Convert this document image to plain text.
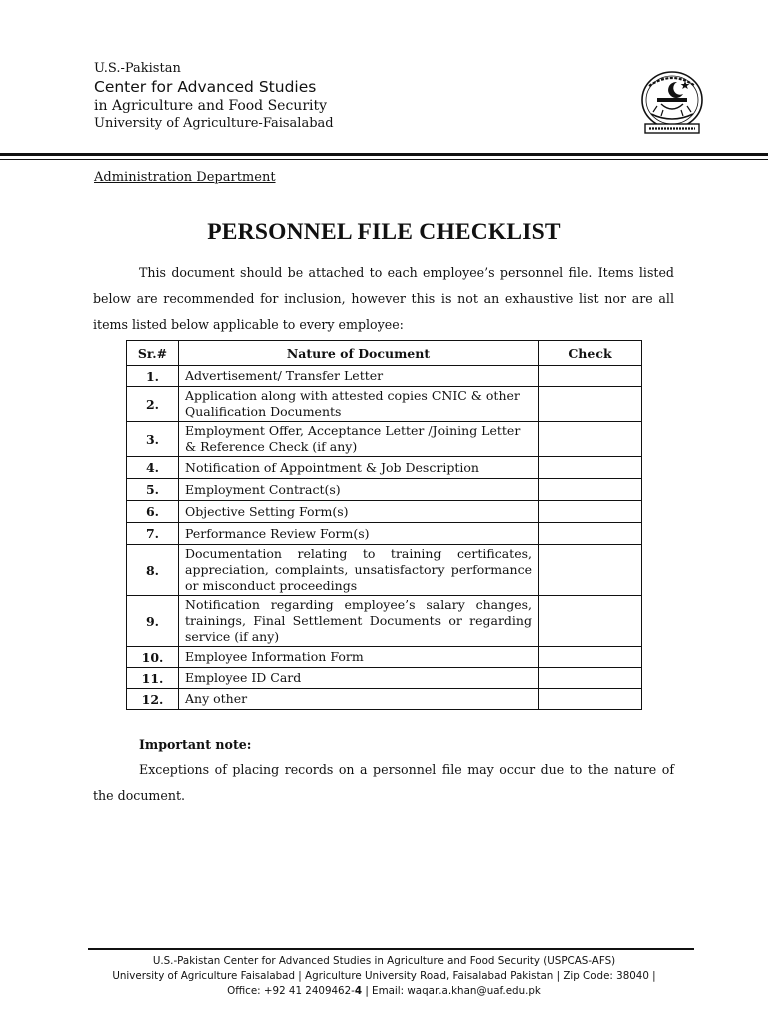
U.S.-Pakistan
Center for Advanced Studies
in Agriculture and Food Security
University of Agriculture-Faisalabad
Administration Department
PERSONNEL FILE CHECKLIST
This document should be attached to each employee’s personnel file. Items listed below are recommended for inclusion, however this is not an exhaustive list nor are all items listed below applicable to every employee:
Sr.#	Nature of Document	Check
1.	Advertisement/ Transfer Letter	
2.	Application along with attested copies CNIC & other Qualification Documents	
3.	Employment Offer, Acceptance Letter /Joining Letter & Reference Check (if any)	
4.	Notification of Appointment & Job Description	
5.	Employment Contract(s)	
6.	Objective Setting Form(s)	
7.	Performance Review Form(s)	
8.	Documentation relating to training certificates, appreciation, complaints, unsatisfactory performance or misconduct proceedings	
9.	Notification regarding employee’s salary changes, trainings, Final Settlement Documents or regarding service (if any)	
10.	Employee Information Form	
11.	Employee ID Card	
12.	Any other	
Important note:
Exceptions of placing records on a personnel file may occur due to the nature of the document.
U.S.-Pakistan Center for Advanced Studies in Agriculture and Food Security (USPCAS-AFS)
University of Agriculture Faisalabad | Agriculture University Road, Faisalabad Pakistan | Zip Code: 38040 |
Office: +92 41 2409462-4 | Email: waqar.a.khan@uaf.edu.pk
